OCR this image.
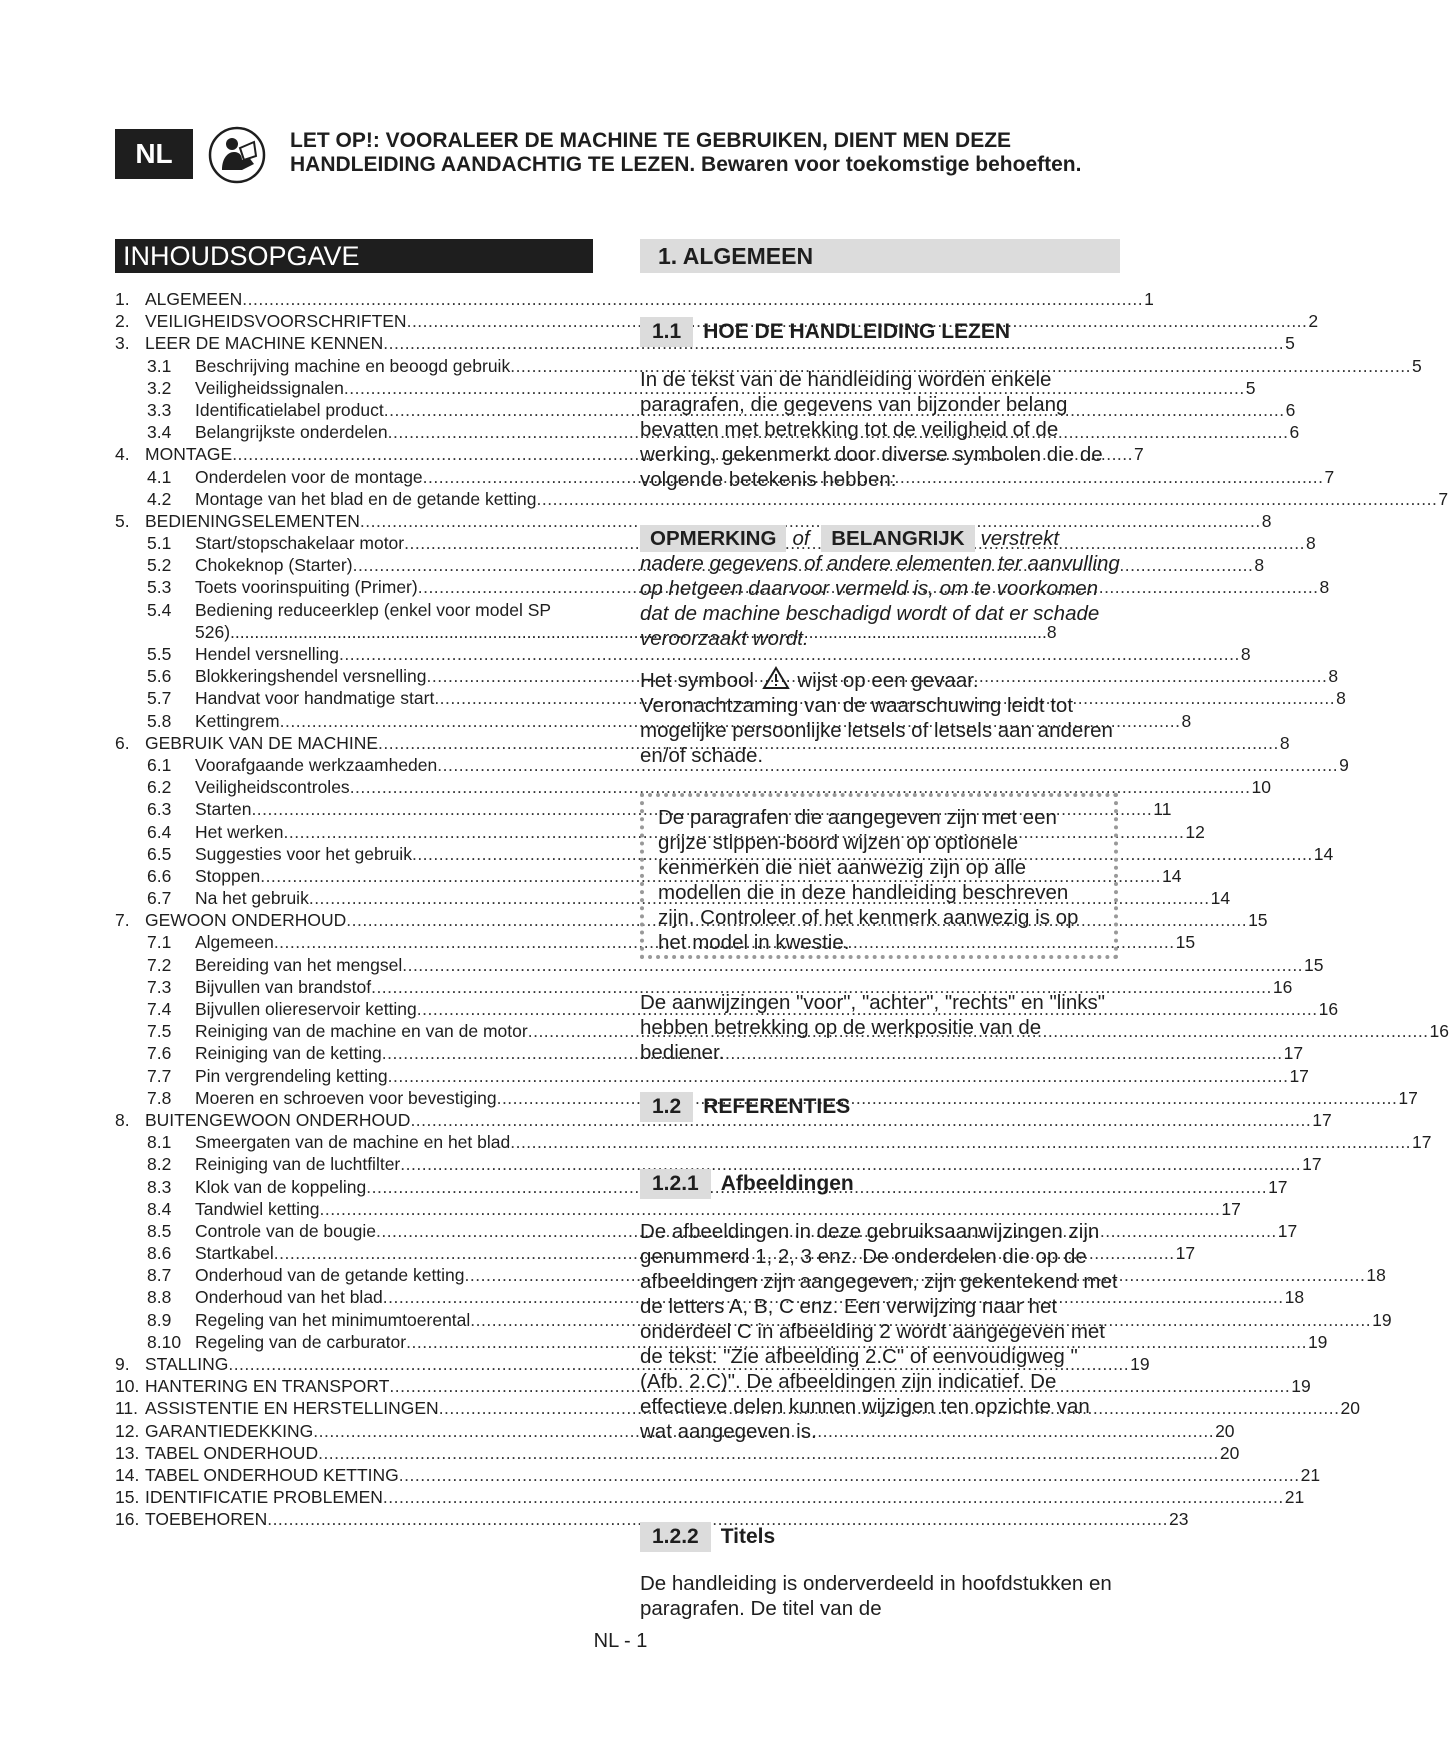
NL	LET OP!: VOORALEER DE MACHINE TE GEBRUIKEN, DIENT MEN DEZE
HANDLEIDING AANDACHTIG TE LEZEN. Bewaren voor toekomstige behoeften.
INHOUDSOPGAVE
1. ALGEMEEN .....	1
2. VEILIGHEIDSVOORSCHRIFTEN .....	2
3. LEER DE MACHINE KENNEN .....	5
3.1	Beschrijving machine en beoogd gebruik .....	5
3.2	Veiligheidssignalen .....	5
3.3	Identificatielabel product .....	6
3.4	Belangrijkste onderdelen .....	6
4. MONTAGE .....	7
4.1	Onderdelen voor de montage .....	7
4.2	Montage van het blad en de getande ketting .....	7
5. BEDIENINGSELEMENTEN .....	8
5.1	Start/stopschakelaar motor .....	8
5.2	Chokeknop (Starter) .....	8
5.3	Toets voorinspuiting (Primer) .....	8
5.4	Bediening reduceerklep (enkel voor model SP
526) .....	8
5.5	Hendel versnelling .....	8
5.6	Blokkeringshendel versnelling .....	8
5.7	Handvat voor handmatige start .....	8
5.8	Kettingrem .....	8
6. GEBRUIK VAN DE MACHINE .....	8
6.1	Voorafgaande werkzaamheden .....	9
6.2	Veiligheidscontroles .....	10
6.3	Starten .....	11
6.4	Het werken .....	12
6.5	Suggesties voor het gebruik .....	14
6.6	Stoppen .....	14
6.7	Na het gebruik .....	14
7. GEWOON ONDERHOUD .....	15
7.1	Algemeen .....	15
7.2	Bereiding van het mengsel .....	15
7.3	Bijvullen van brandstof .....	16
7.4	Bijvullen oliereservoir ketting .....	16
7.5	Reiniging van de machine en van de motor .....	16
7.6	Reiniging van de ketting .....	17
7.7	Pin vergrendeling ketting .....	17
7.8	Moeren en schroeven voor bevestiging .....	17
8. BUITENGEWOON ONDERHOUD .....	17
8.1	Smeergaten van de machine en het blad .....	17
8.2	Reiniging van de luchtfilter .....	17
8.3	Klok van de koppeling .....	17
8.4	Tandwiel ketting .....	17
8.5	Controle van de bougie .....	17
8.6	Startkabel .....	17
8.7	Onderhoud van de getande ketting .....	18
8.8	Onderhoud van het blad .....	18
8.9	Regeling van het minimumtoerental .....	19
8.10 Regeling van de carburator .....	19
9. STALLING .....	19
10. HANTERING EN TRANSPORT .....	19
11. ASSISTENTIE EN HERSTELLINGEN .....	20
12. GARANTIEDEKKING .....	20
13. TABEL ONDERHOUD .....	20
14. TABEL ONDERHOUD KETTING .....	21
15. IDENTIFICATIE PROBLEMEN .....	21
16. TOEBEHOREN .....	23
1. ALGEMEEN
1.1	HOE DE HANDLEIDING LEZEN
In de tekst van de handleiding worden enkele paragrafen, die gegevens van bijzonder belang bevatten met betrekking tot de veiligheid of de werking, gekenmerkt door diverse symbolen die de volgende betekenis hebben:
OPMERKING of BELANGRIJK verstrekt nadere gegevens of andere elementen ter aanvulling op hetgeen daarvoor vermeld is, om te voorkomen dat de machine beschadigd wordt of dat er schade veroorzaakt wordt.
Het symbool wijst op een gevaar. Veronachtzaming van de waarschuwing leidt tot mogelijke persoonlijke letsels of letsels aan anderen en/of schade.
De paragrafen die aangegeven zijn met een grijze stippen-boord wijzen op optionele kenmerken die niet aanwezig zijn op alle modellen die in deze handleiding beschreven zijn. Controleer of het kenmerk aanwezig is op het model in kwestie.
De aanwijzingen "voor", "achter", "rechts" en "links" hebben betrekking op de werkpositie van de bediener.
1.2	REFERENTIES
1.2.1	Afbeeldingen
De afbeeldingen in deze gebruiksaanwijzingen zijn genummerd 1, 2, 3 enz. De onderdelen die op de afbeeldingen zijn aangegeven, zijn gekentekend met de letters A, B, C enz. Een verwijzing naar het onderdeel C in afbeelding 2 wordt aangegeven met de tekst: "Zie afbeelding 2.C" of eenvoudigweg "(Afb. 2.C)". De afbeeldingen zijn indicatief. De effectieve delen kunnen wijzigen ten opzichte van wat aangegeven is.
1.2.2	Titels
De handleiding is onderverdeeld in hoofdstukken en paragrafen. De titel van de
NL - 1
